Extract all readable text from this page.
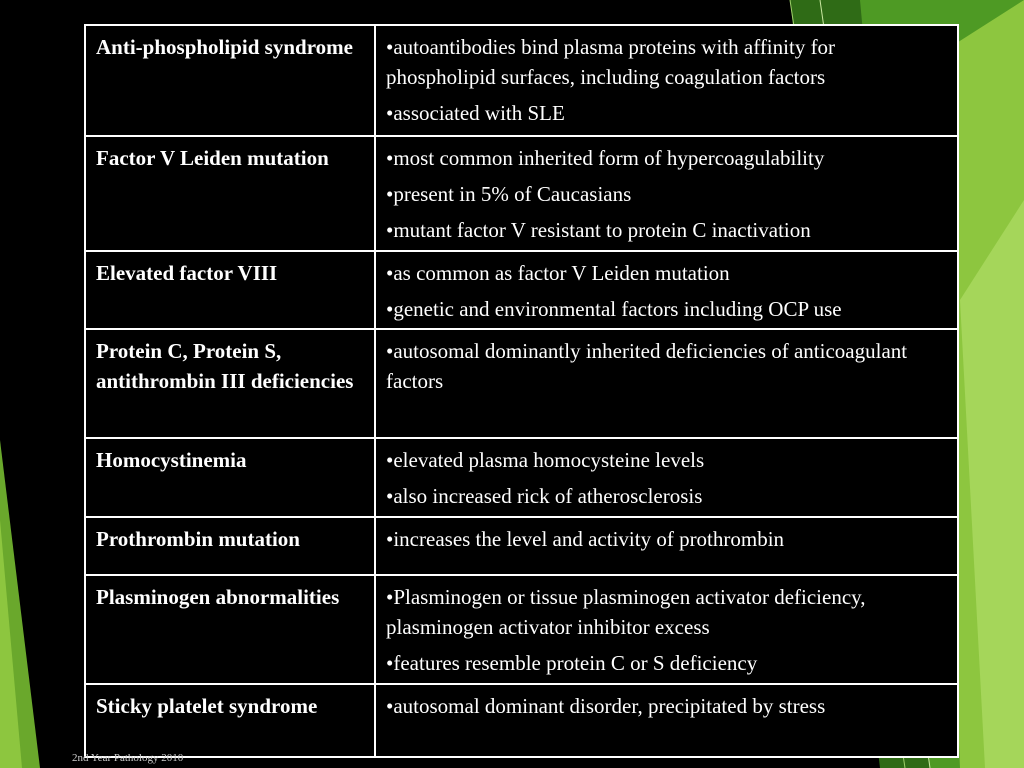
Anti-phospholipid syndrome	•autoantibodies bind plasma proteins with affinity for phospholipid surfaces, including coagulation factors
•associated with SLE

Factor V Leiden mutation	•most common inherited form of hypercoagulability
•present in 5% of Caucasians
•mutant factor V resistant to protein C inactivation

Elevated factor VIII	•as common as factor V Leiden mutation
•genetic and environmental factors including OCP use

Protein C, Protein S, antithrombin III deficiencies	•autosomal dominantly inherited deficiencies of anticoagulant factors

Homocystinemia	•elevated plasma homocysteine levels
•also increased rick of atherosclerosis

Prothrombin mutation	•increases the level and activity of prothrombin

Plasminogen abnormalities	•Plasminogen or tissue plasminogen activator deficiency, plasminogen activator inhibitor excess
•features resemble protein C or S deficiency

Sticky platelet syndrome	•autosomal dominant disorder, precipitated by stress
2nd Year Pathology 2010
